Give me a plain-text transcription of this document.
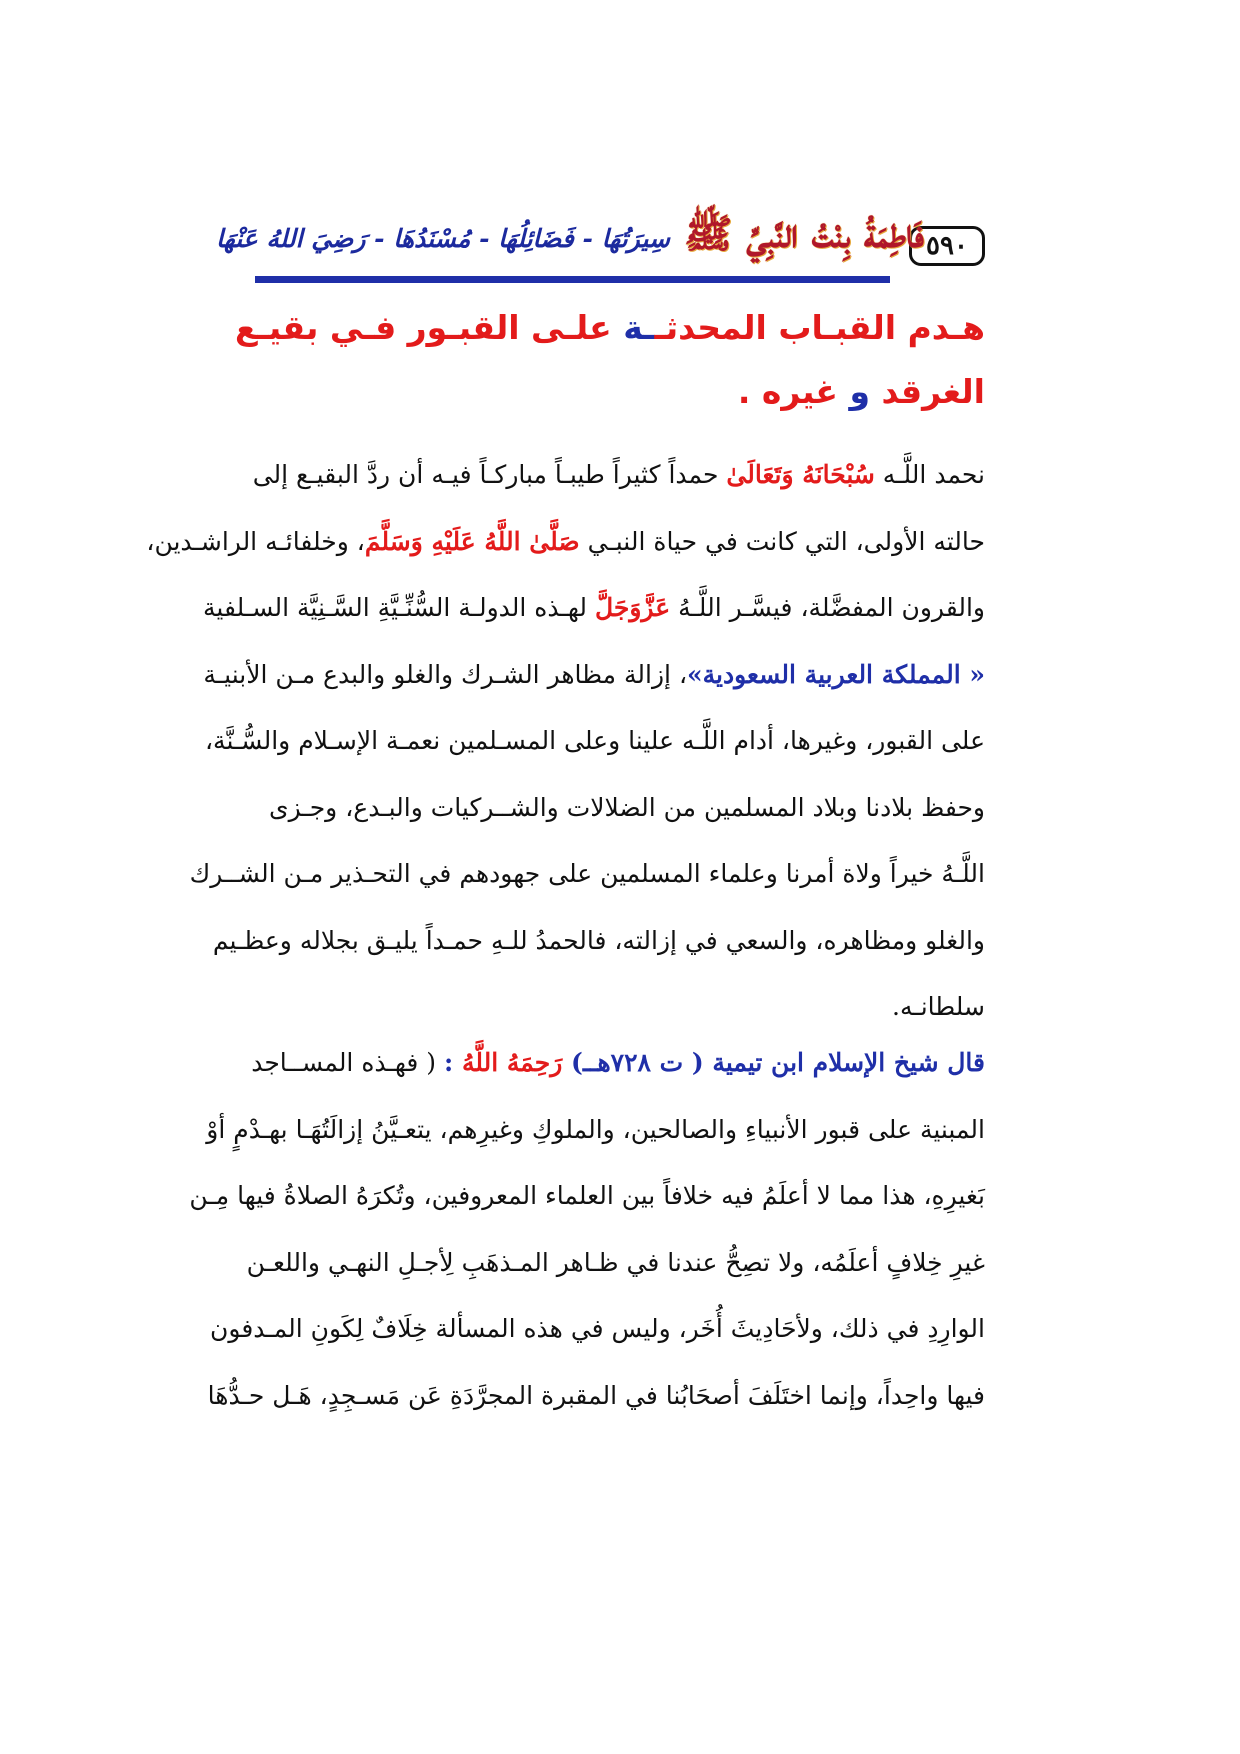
٥٩٠
فَاطِمَةُ بِنْتُ النَّبِيِّ ﷺ
سِيرَتُهَا - فَضَائِلُهَا - مُسْنَدُهَا - رَضِيَ اللهُ عَنْهَا
هـدم القبـاب المحدثــة علـى القبـور فـي بقيـع
الغرقد و غيره .
نحمد اللَّـه سُبْحَانَهُ وَتَعَالَىٰ حمداً كثيراً طيبـاً مباركـاً فيـه أن ردَّ البقيـع إلى
حالته الأولى، التي كانت في حياة النبـي صَلَّىٰ اللَّهُ عَلَيْهِ وَسَلَّمَ، وخلفائـه الراشـدين،
والقرون المفضَّلة، فيسَّـر اللَّـهُ عَزَّوَجَلَّ لهـذه الدولـة السُّنِّـيَّةِ السَّـنِيَّة السـلفية
« المملكة العربية السعودية»، إزالة مظاهر الشـرك والغلو والبدع مـن الأبنيـة
على القبور، وغيرها، أدام اللَّـه علينا وعلى المسـلمين نعمـة الإسـلام والسُّـنَّة،
وحفظ بلادنا وبلاد المسلمين من الضلالات والشــركيات والبـدع، وجـزى
اللَّـهُ خيراً ولاة أمرنا وعلماء المسلمين على جهودهم في التحـذير مـن الشــرك
والغلو ومظاهره، والسعي في إزالته، فالحمدُ للـهِ حمـداً يليـق بجلاله وعظـيم
سلطانـه.
قال شيخ الإسلام ابن تيمية ( ت ٧٢٨هــ) رَحِمَهُ اللَّهُ : ( فهـذه المســاجد
المبنية على قبور الأنبياءِ والصالحين، والملوكِ وغيرِهم، يتعـيَّنُ إزالَتُهَـا بهـدْمٍ أوْ
بَغيرِهِ، هذا مما لا أعلَمُ فيه خلافاً بين العلماء المعروفين، وتُكرَهُ الصلاةُ فيها مِـن
غيرِ خِلافٍ أعلَمُه، ولا تصِحُّ عندنا في ظـاهر المـذهَبِ لِأجـلِ النهـي واللعـن
الوارِدِ في ذلك، ولأحَادِيثَ أُخَر، وليس في هذه المسألة خِلَافٌ لِكَونِ المـدفون
فيها واحِداً، وإنما اختَلَفَ أصحَابُنا في المقبرة المجرَّدَةِ عَن مَسـجِدٍ، هَـل حـدُّهَا
